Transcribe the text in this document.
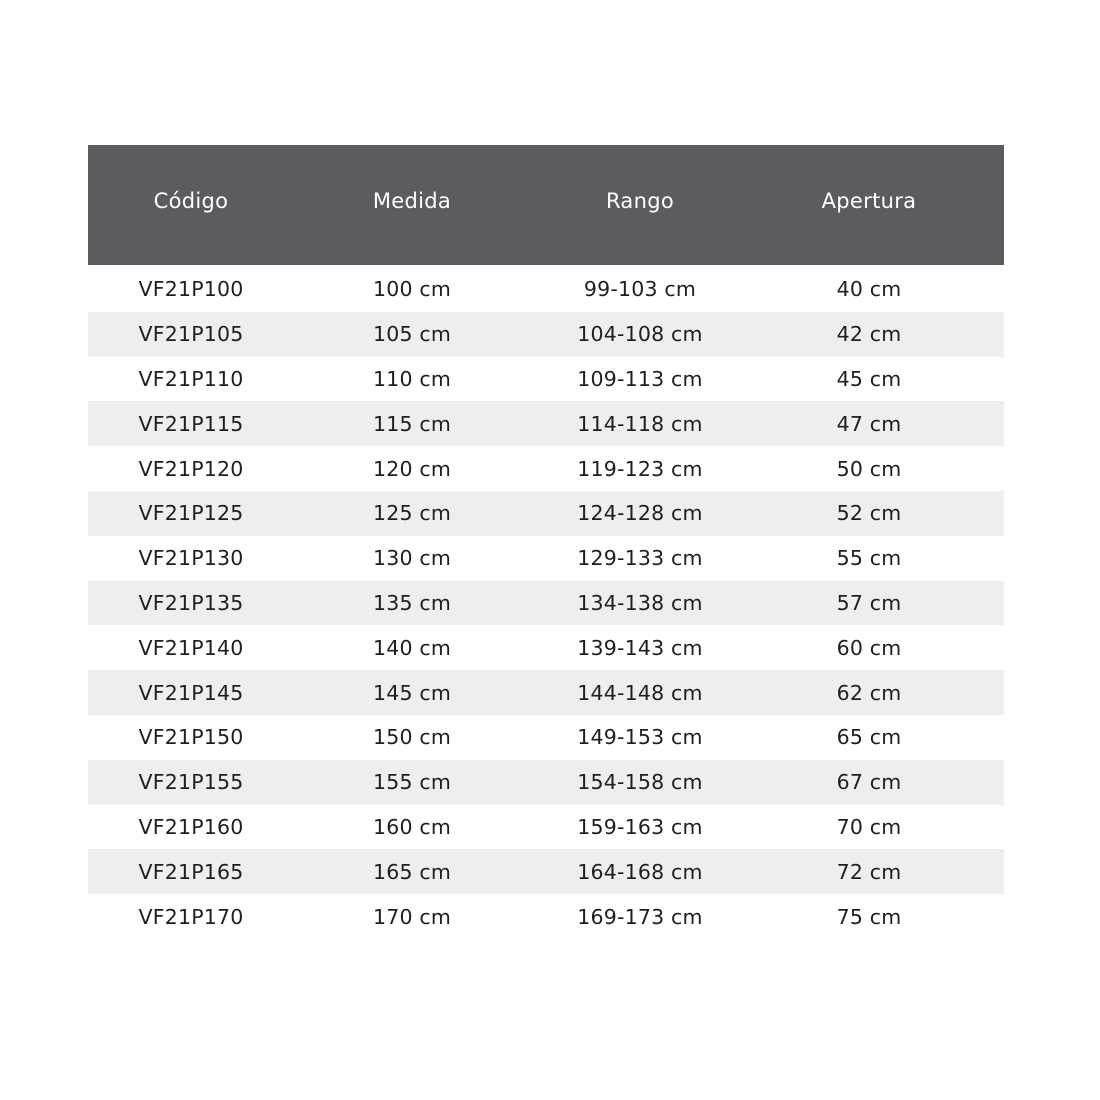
Código	Medida	Rango	Apertura
VF21P100	100 cm	99-103 cm	40 cm
VF21P105	105 cm	104-108 cm	42 cm
VF21P110	110 cm	109-113 cm	45 cm
VF21P115	115 cm	114-118 cm	47 cm
VF21P120	120 cm	119-123 cm	50 cm
VF21P125	125 cm	124-128 cm	52 cm
VF21P130	130 cm	129-133 cm	55 cm
VF21P135	135 cm	134-138 cm	57 cm
VF21P140	140 cm	139-143 cm	60 cm
VF21P145	145 cm	144-148 cm	62 cm
VF21P150	150 cm	149-153 cm	65 cm
VF21P155	155 cm	154-158 cm	67 cm
VF21P160	160 cm	159-163 cm	70 cm
VF21P165	165 cm	164-168 cm	72 cm
VF21P170	170 cm	169-173 cm	75 cm
